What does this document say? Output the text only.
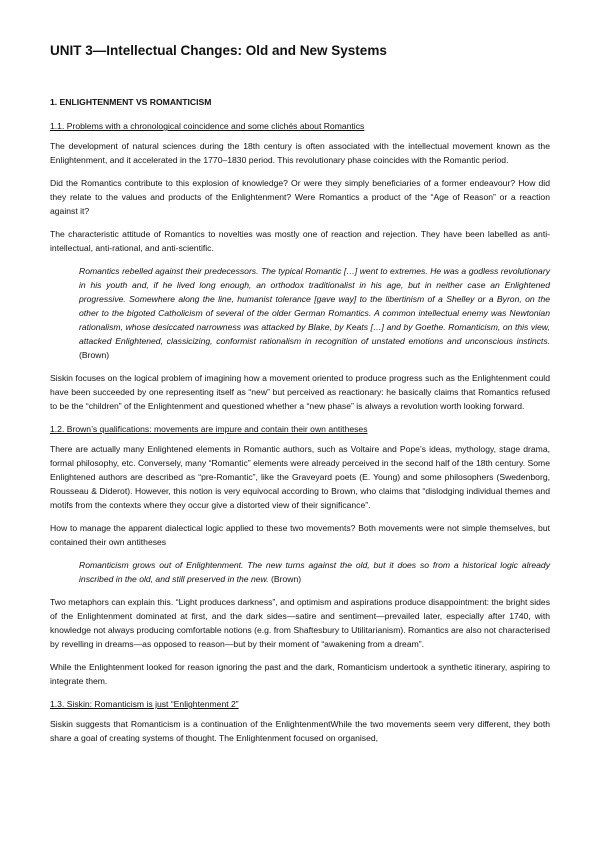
UNIT 3—Intellectual Changes: Old and New Systems
1. ENLIGHTENMENT VS ROMANTICISM
1.1. Problems with a chronological coincidence and some clichés about Romantics

The development of natural sciences during the 18th century is often associated with the intellectual movement known as the Enlightenment, and it accelerated in the 1770–1830 period. This revolutionary phase coincides with the Romantic period.

Did the Romantics contribute to this explosion of knowledge? Or were they simply beneficiaries of a former endeavour? How did they relate to the values and products of the Enlightenment? Were Romantics a product of the “Age of Reason” or a reaction against it?

The characteristic attitude of Romantics to novelties was mostly one of reaction and rejection. They have been labelled as anti-intellectual, anti-rational, and anti-scientific.

Romantics rebelled against their predecessors. The typical Romantic […] went to extremes. He was a godless revolutionary in his youth and, if he lived long enough, an orthodox traditionalist in his age, but in neither case an Enlightened progressive. Somewhere along the line, humanist tolerance [gave way] to the libertinism of a Shelley or a Byron, on the other to the bigoted Catholicism of several of the older German Romantics. A common intellectual enemy was Newtonian rationalism, whose desiccated narrowness was attacked by Blake, by Keats […] and by Goethe. Romanticism, on this view, attacked Enlightened, classicizing, conformist rationalism in recognition of unstated emotions and unconscious instincts. (Brown)

Siskin focuses on the logical problem of imagining how a movement oriented to produce progress such as the Enlightenment could have been succeeded by one representing itself as “new” but perceived as reactionary: he basically claims that Romantics refused to be the “children” of the Enlightenment and questioned whether a “new phase” is always a revolution worth looking forward.

1.2. Brown’s qualifications: movements are impure and contain their own antitheses

There are actually many Enlightened elements in Romantic authors, such as Voltaire and Pope’s ideas, mythology, stage drama, formal philosophy, etc. Conversely, many “Romantic” elements were already perceived in the second half of the 18th century. Some Enlightened authors are described as “pre-Romantic”, like the Graveyard poets (E. Young) and some philosophers (Swedenborg, Rousseau & Diderot). However, this notion is very equivocal according to Brown, who claims that “dislodging individual themes and motifs from the contexts where they occur give a distorted view of their significance”.

How to manage the apparent dialectical logic applied to these two movements? Both movements were not simple themselves, but contained their own antitheses

Romanticism grows out of Enlightenment. The new turns against the old, but it does so from a historical logic already inscribed in the old, and still preserved in the new. (Brown)

Two metaphors can explain this. “Light produces darkness”, and optimism and aspirations produce disappointment: the bright sides of the Enlightenment dominated at first, and the dark sides—satire and sentiment—prevailed later, especially after 1740, with knowledge not always producing comfortable notions (e.g. from Shaftesbury to Utilitarianism). Romantics are also not characterised by revelling in dreams—as opposed to reason—but by their moment of “awakening from a dream”.

While the Enlightenment looked for reason ignoring the past and the dark, Romanticism undertook a synthetic itinerary, aspiring to integrate them.

1.3. Siskin: Romanticism is just “Enlightenment 2”

Siskin suggests that Romanticism is a continuation of the EnlightenmentWhile the two movements seem very different, they both share a goal of creating systems of thought. The Enlightenment focused on organised,
